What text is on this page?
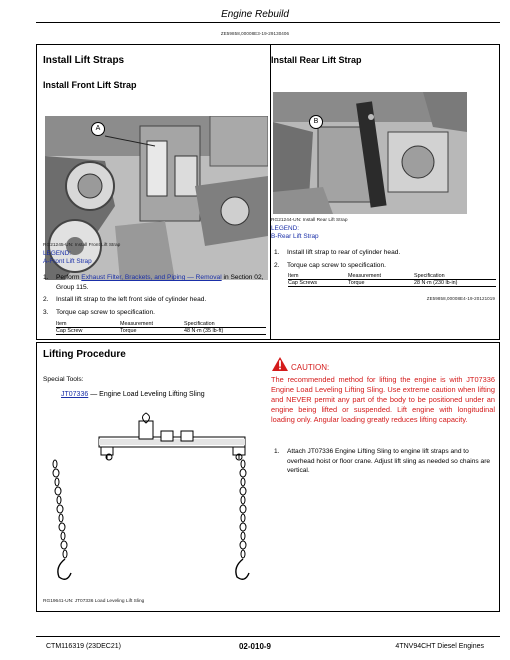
Engine Rebuild
ZE59858,00008E3-19-29130406
Install Lift Straps
Install Front Lift Strap
A
RG21245-UN: Install Front Lift Strap
LEGEND:
A-Front Lift Strap
1.	Perform Exhaust Filter, Brackets, and Piping — Removal in Section 02, Group 115.
2.	Install lift strap to the left front side of cylinder head.
3.	Torque cap screw to specification.
Item	Measurement	Specification
Cap Screw	Torque	48 N·m (35 lb-ft)
Install Rear Lift Strap
B
RG21244-UN: Install Rear Lift Strap
LEGEND:
B-Rear Lift Strap
1.	Install lift strap to rear of cylinder head.
2.	Torque cap screw to specification.
Item	Measurement	Specification
Cap Screws	Torque	28 N·m (230 lb-in)
ZE59858,00008E4-19-20121019
Lifting Procedure
Special Tools:
JT07336 — Engine Load Leveling Lifting Sling
RG19641-UN: JT07336 Load Leveling Lift Sling
CAUTION:
The recommended method for lifting the engine is with JT07336 Engine Load Leveling Lifting Sling. Use extreme caution when lifting and NEVER permit any part of the body to be positioned under an engine being lifted or suspended. Lift engine with longitudinal loading only. Angular loading greatly reduces lifting capacity.
1.	Attach JT07336 Engine Lifting Sling to engine lift straps and to overhead hoist or floor crane. Adjust lift sling as needed so chains are vertical.
CTM116319 (23DEC21)	02-010-9	4TNV94CHT Diesel Engines
